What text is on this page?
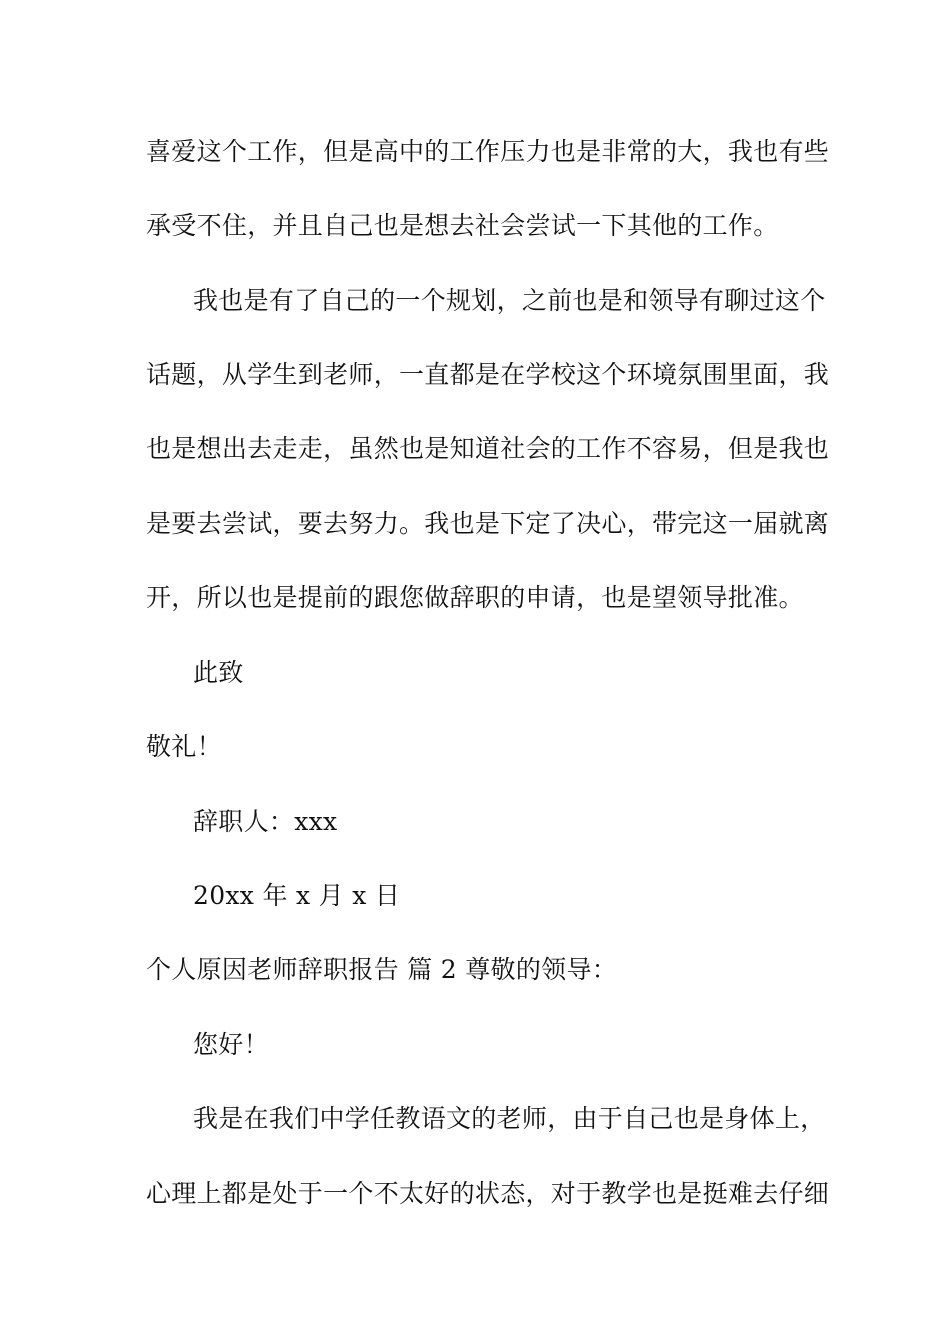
喜爱这个工作，但是高中的工作压力也是非常的大，我也有些
承受不住，并且自己也是想去社会尝试一下其他的工作。
我也是有了自己的一个规划，之前也是和领导有聊过这个
话题，从学生到老师，一直都是在学校这个环境氛围里面，我
也是想出去走走，虽然也是知道社会的工作不容易，但是我也
是要去尝试，要去努力。我也是下定了决心，带完这一届就离
开，所以也是提前的跟您做辞职的申请，也是望领导批准。
此致
敬礼！
辞职人：xxx
20xx 年 x 月 x 日
个人原因老师辞职报告 篇 2 尊敬的领导：
您好！
我是在我们中学任教语文的老师，由于自己也是身体上，
心理上都是处于一个不太好的状态，对于教学也是挺难去仔细
